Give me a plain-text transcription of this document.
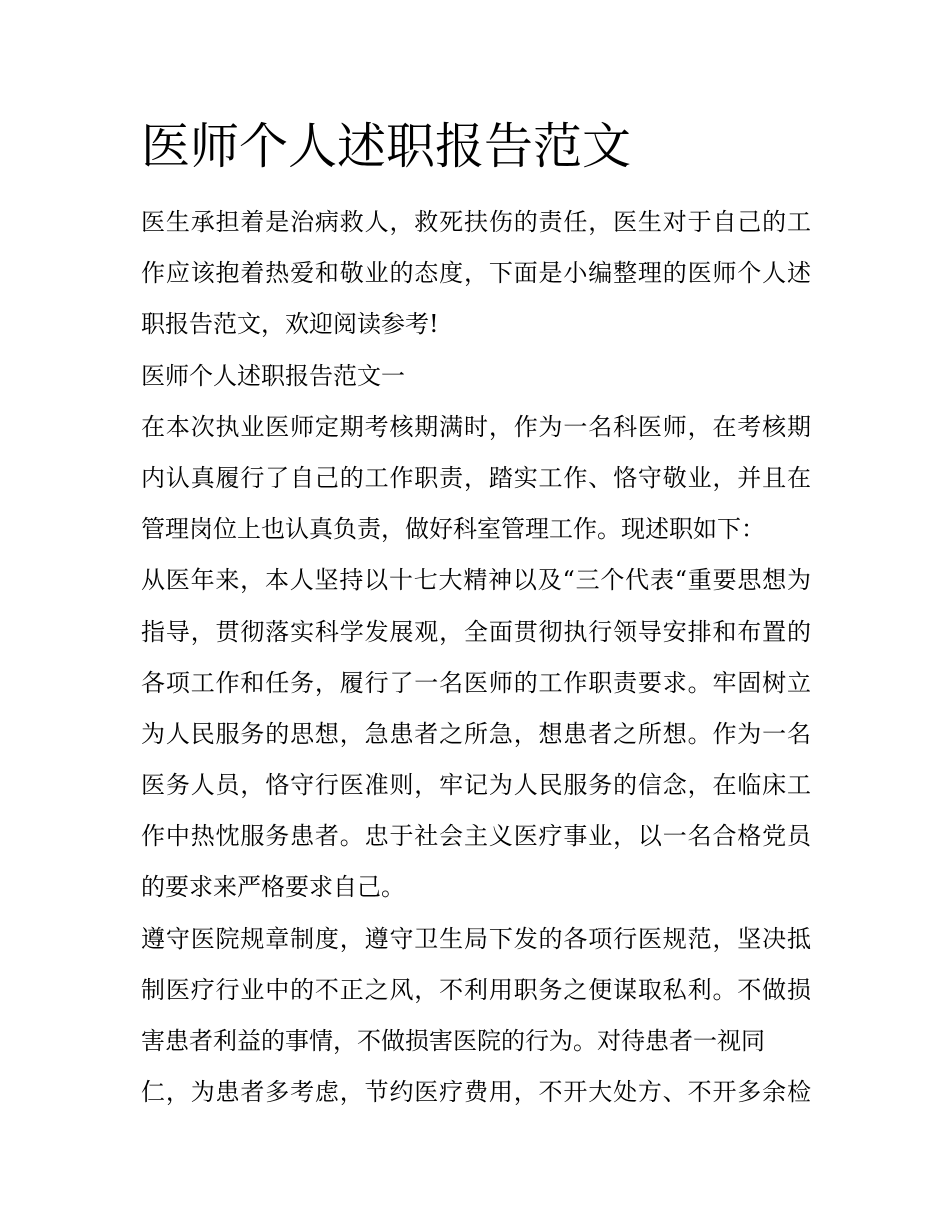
医师个人述职报告范文
医生承担着是治病救人，救死扶伤的责任，医生对于自己的工
作应该抱着热爱和敬业的态度，下面是小编整理的医师个人述
职报告范文，欢迎阅读参考!
医师个人述职报告范文一
在本次执业医师定期考核期满时，作为一名科医师，在考核期
内认真履行了自己的工作职责，踏实工作、恪守敬业，并且在
管理岗位上也认真负责，做好科室管理工作。现述职如下：
从医年来，本人坚持以十七大精神以及“三个代表“重要思想为
指导，贯彻落实科学发展观，全面贯彻执行领导安排和布置的
各项工作和任务，履行了一名医师的工作职责要求。牢固树立
为人民服务的思想，急患者之所急，想患者之所想。作为一名
医务人员，恪守行医准则，牢记为人民服务的信念，在临床工
作中热忱服务患者。忠于社会主义医疗事业，以一名合格党员
的要求来严格要求自己。
遵守医院规章制度，遵守卫生局下发的各项行医规范，坚决抵
制医疗行业中的不正之风，不利用职务之便谋取私利。不做损
害患者利益的事情，不做损害医院的行为。对待患者一视同
仁，为患者多考虑，节约医疗费用，不开大处方、不开多余检
